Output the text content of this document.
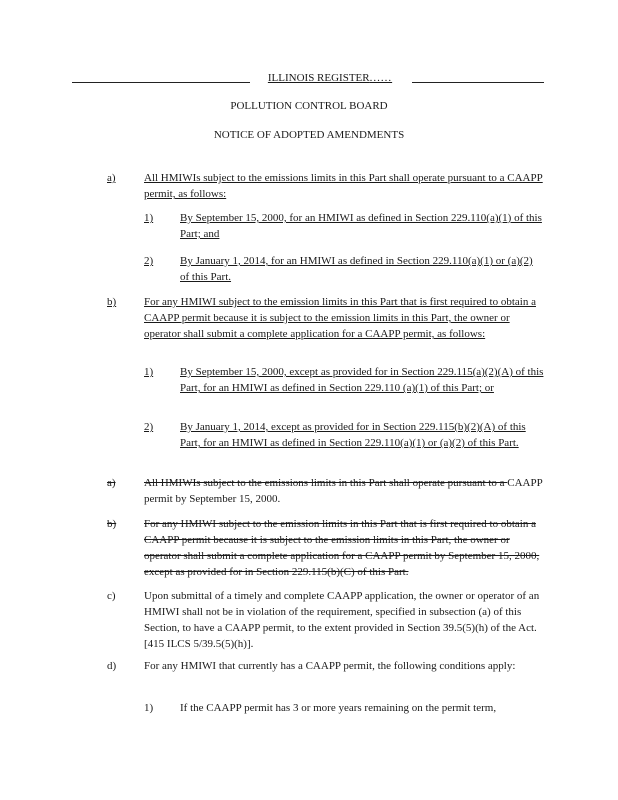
ILLINOIS REGISTER......
POLLUTION CONTROL BOARD
NOTICE OF ADOPTED AMENDMENTS
a)	All HMIWIs subject to the emissions limits in this Part shall operate pursuant to a CAAPP permit, as follows:
1)	By September 15, 2000, for an HMIWI as defined in Section 229.110(a)(1) of this Part; and
2)	By January 1, 2014, for an HMIWI as defined in Section 229.110(a)(1) or (a)(2) of this Part.
b)	For any HMIWI subject to the emission limits in this Part that is first required to obtain a CAAPP permit because it is subject to the emission limits in this Part, the owner or operator shall submit a complete application for a CAAPP permit, as follows:
1)	By September 15, 2000, except as provided for in Section 229.115(a)(2)(A) of this Part, for an HMIWI as defined in Section 229.110 (a)(1) of this Part; or
2)	By January 1, 2014, except as provided for in Section 229.115(b)(2)(A) of this Part, for an HMIWI as defined in Section 229.110(a)(1) or (a)(2) of this Part.
a)	All HMIWIs subject to the emissions limits in this Part shall operate pursuant to a CAAPP permit by September 15, 2000.
b)	For any HMIWI subject to the emission limits in this Part that is first required to obtain a CAAPP permit because it is subject to the emission limits in this Part, the owner or operator shall submit a complete application for a CAAPP permit by September 15, 2000, except as provided for in Section 229.115(b)(C) of this Part.
c)	Upon submittal of a timely and complete CAAPP application, the owner or operator of an HMIWI shall not be in violation of the requirement, specified in subsection (a) of this Section, to have a CAAPP permit, to the extent provided in Section 39.5(5)(h) of the Act. [415 ILCS 5/39.5(5)(h)].
d)	For any HMIWI that currently has a CAAPP permit, the following conditions apply:
1)	If the CAAPP permit has 3 or more years remaining on the permit term,
